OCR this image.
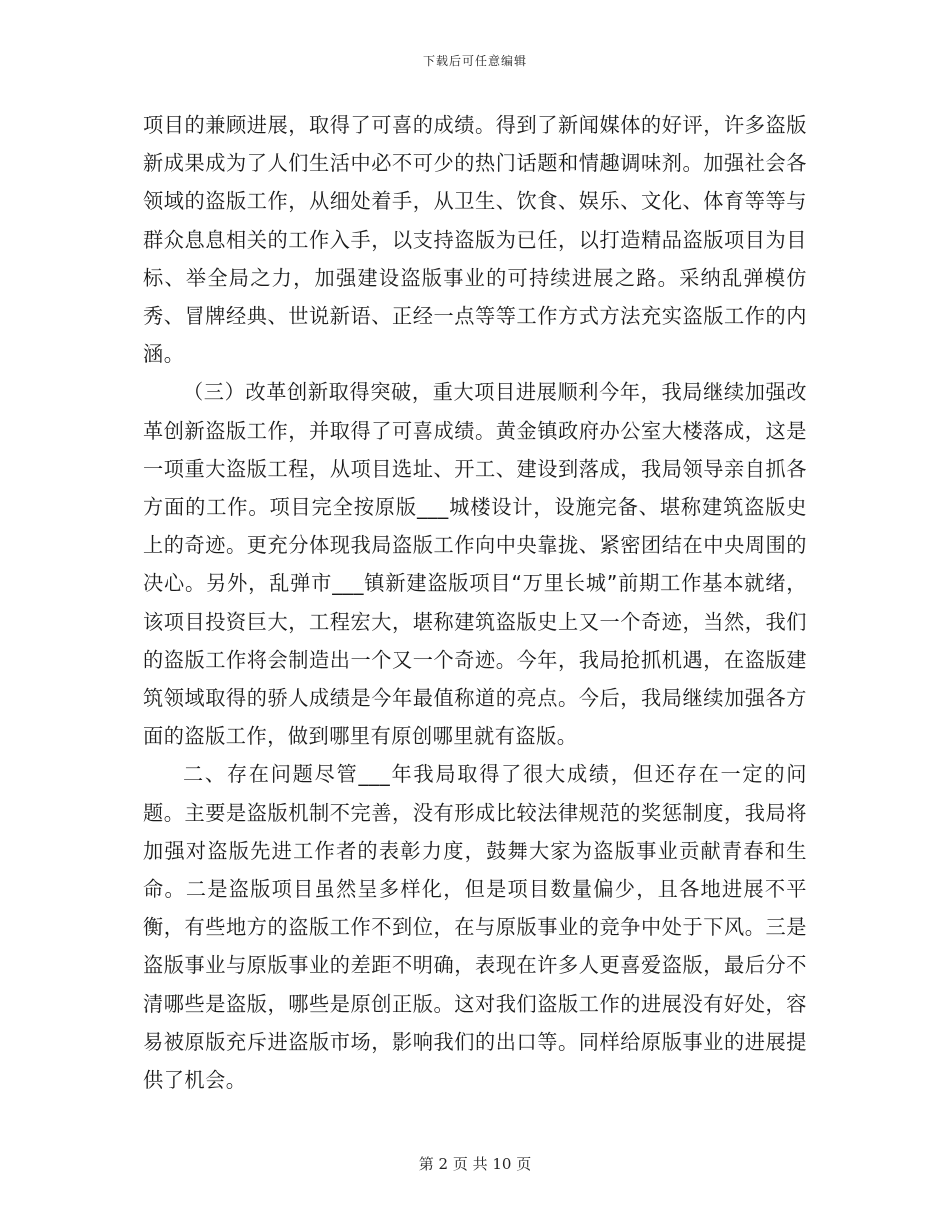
下载后可任意编辑

项目的兼顾进展，取得了可喜的成绩。得到了新闻媒体的好评，许多盗版新成果成为了人们生活中必不可少的热门话题和情趣调味剂。加强社会各领域的盗版工作，从细处着手，从卫生、饮食、娱乐、文化、体育等等与群众息息相关的工作入手，以支持盗版为已任，以打造精品盗版项目为目标、举全局之力，加强建设盗版事业的可持续进展之路。采纳乱弹模仿秀、冒牌经典、世说新语、正经一点等等工作方式方法充实盗版工作的内涵。

（三）改革创新取得突破，重大项目进展顺利今年，我局继续加强改革创新盗版工作，并取得了可喜成绩。黄金镇政府办公室大楼落成，这是一项重大盗版工程，从项目选址、开工、建设到落成，我局领导亲自抓各方面的工作。项目完全按原版___城楼设计，设施完备、堪称建筑盗版史上的奇迹。更充分体现我局盗版工作向中央靠拢、紧密团结在中央周围的决心。另外，乱弹市___镇新建盗版项目“万里长城”前期工作基本就绪，该项目投资巨大，工程宏大，堪称建筑盗版史上又一个奇迹，当然，我们的盗版工作将会制造出一个又一个奇迹。今年，我局抢抓机遇，在盗版建筑领域取得的骄人成绩是今年最值称道的亮点。今后，我局继续加强各方面的盗版工作，做到哪里有原创哪里就有盗版。

二、存在问题尽管___年我局取得了很大成绩，但还存在一定的问题。主要是盗版机制不完善，没有形成比较法律规范的奖惩制度，我局将加强对盗版先进工作者的表彰力度，鼓舞大家为盗版事业贡献青春和生命。二是盗版项目虽然呈多样化，但是项目数量偏少，且各地进展不平衡，有些地方的盗版工作不到位，在与原版事业的竞争中处于下风。三是盗版事业与原版事业的差距不明确，表现在许多人更喜爱盗版，最后分不清哪些是盗版，哪些是原创正版。这对我们盗版工作的进展没有好处，容易被原版充斥进盗版市场，影响我们的出口等。同样给原版事业的进展提供了机会。

第 2 页 共 10 页
